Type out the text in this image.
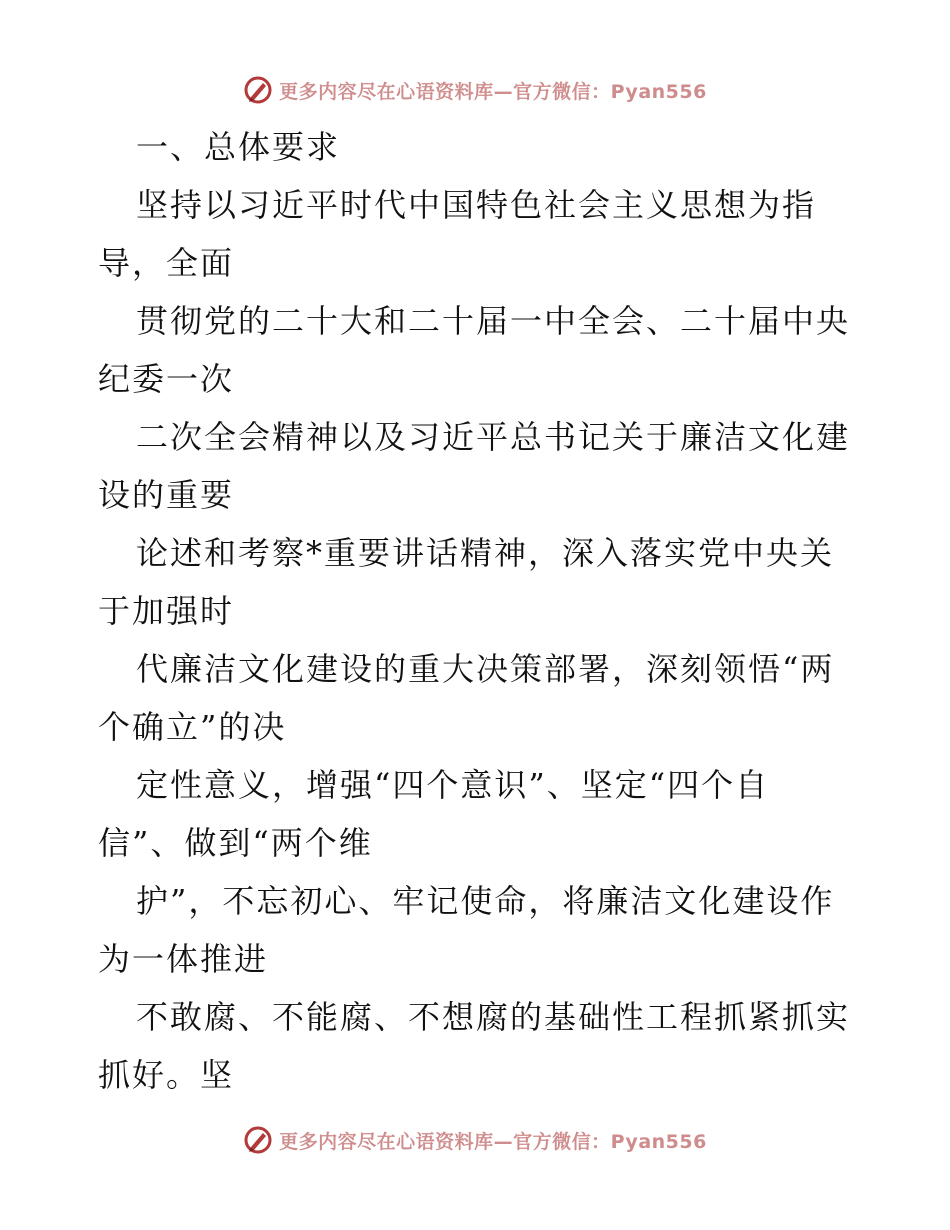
更多内容尽在心语资料库—官方微信：Pyan556
一、总体要求
坚持以习近平时代中国特色社会主义思想为指
导，全面
贯彻党的二十大和二十届一中全会、二十届中央
纪委一次
二次全会精神以及习近平总书记关于廉洁文化建
设的重要
论述和考察*重要讲话精神，深入落实党中央关
于加强时
代廉洁文化建设的重大决策部署，深刻领悟“两
个确立”的决
定性意义，增强“四个意识”、坚定“四个自
信”、做到“两个维
护”，不忘初心、牢记使命，将廉洁文化建设作
为一体推进
不敢腐、不能腐、不想腐的基础性工程抓紧抓实
抓好。坚
更多内容尽在心语资料库—官方微信：Pyan556
